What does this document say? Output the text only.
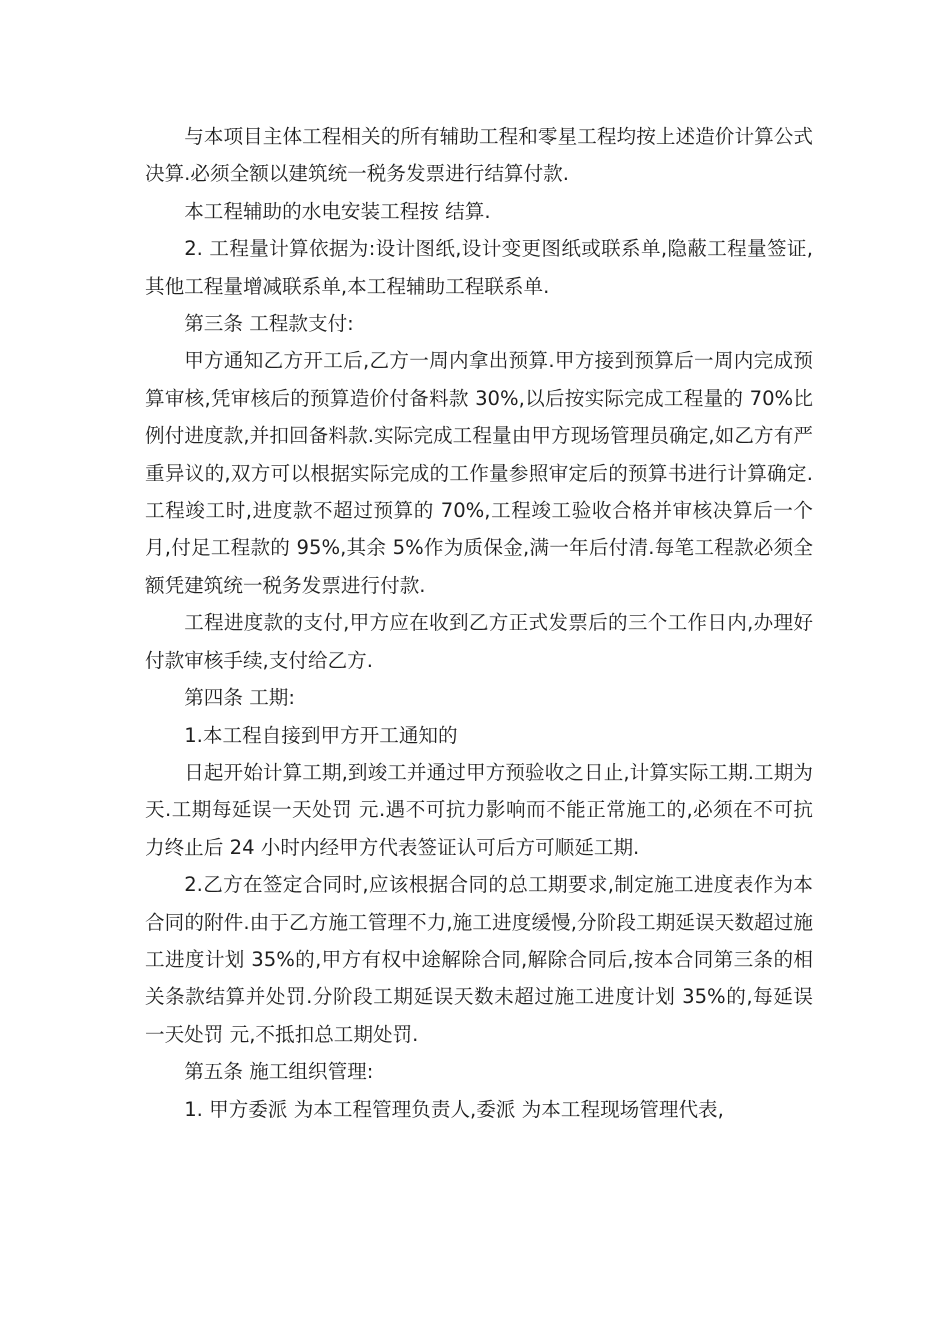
与本项目主体工程相关的所有辅助工程和零星工程均按上述造价计算公式决算.必须全额以建筑统一税务发票进行结算付款.

本工程辅助的水电安装工程按 结算.

2. 工程量计算依据为:设计图纸,设计变更图纸或联系单,隐蔽工程量签证,其他工程量增减联系单,本工程辅助工程联系单.

第三条 工程款支付:

甲方通知乙方开工后,乙方一周内拿出预算.甲方接到预算后一周内完成预算审核,凭审核后的预算造价付备料款 30%,以后按实际完成工程量的 70%比例付进度款,并扣回备料款.实际完成工程量由甲方现场管理员确定,如乙方有严重异议的,双方可以根据实际完成的工作量参照审定后的预算书进行计算确定.工程竣工时,进度款不超过预算的 70%,工程竣工验收合格并审核决算后一个月,付足工程款的 95%,其余 5%作为质保金,满一年后付清.每笔工程款必须全额凭建筑统一税务发票进行付款.

工程进度款的支付,甲方应在收到乙方正式发票后的三个工作日内,办理好付款审核手续,支付给乙方.

第四条 工期:

1.本工程自接到甲方开工通知的

日起开始计算工期,到竣工并通过甲方预验收之日止,计算实际工期.工期为 天.工期每延误一天处罚 元.遇不可抗力影响而不能正常施工的,必须在不可抗力终止后 24 小时内经甲方代表签证认可后方可顺延工期.

2.乙方在签定合同时,应该根据合同的总工期要求,制定施工进度表作为本合同的附件.由于乙方施工管理不力,施工进度缓慢,分阶段工期延误天数超过施工进度计划 35%的,甲方有权中途解除合同,解除合同后,按本合同第三条的相关条款结算并处罚.分阶段工期延误天数未超过施工进度计划 35%的,每延误一天处罚 元,不抵扣总工期处罚.

第五条 施工组织管理:

1. 甲方委派 为本工程管理负责人,委派 为本工程现场管理代表,
